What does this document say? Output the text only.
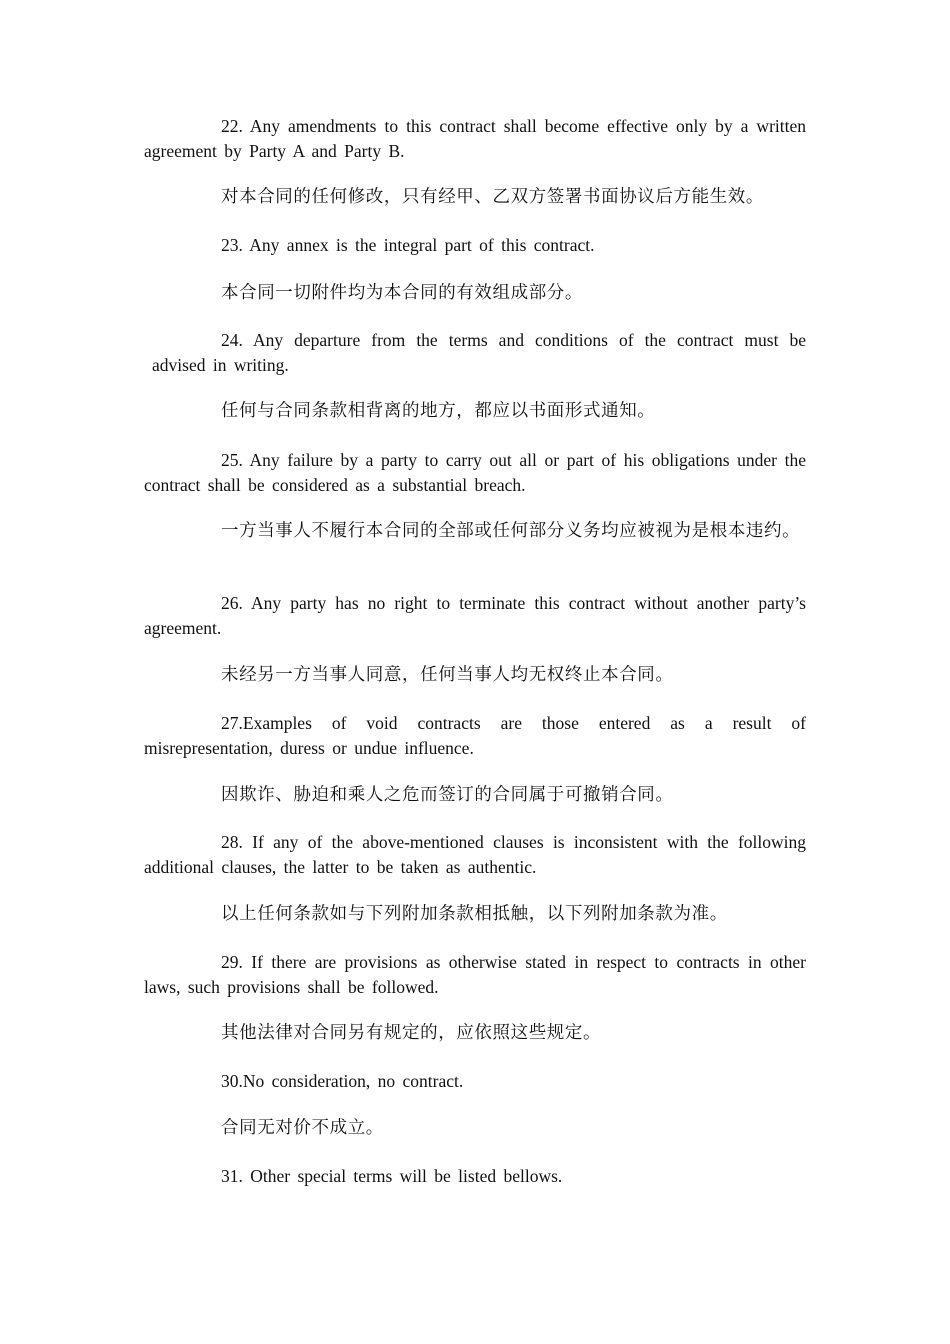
22. Any amendments to this contract shall become effective only by a written agreement by Party A and Party B.

对本合同的任何修改，只有经甲、乙双方签署书面协议后方能生效。

23. Any annex is the integral part of this contract.

本合同一切附件均为本合同的有效组成部分。

24. Any departure from the terms and conditions of the contract must be advised in writing.

任何与合同条款相背离的地方，都应以书面形式通知。

25. Any failure by a party to carry out all or part of his obligations under the contract shall be considered as a substantial breach.

一方当事人不履行本合同的全部或任何部分义务均应被视为是根本违约。

26. Any party has no right to terminate this contract without another party’s agreement.

未经另一方当事人同意，任何当事人均无权终止本合同。

27.Examples of void contracts are those entered as a result of misrepresentation, duress or undue influence.

因欺诈、胁迫和乘人之危而签订的合同属于可撤销合同。

28. If any of the above-mentioned clauses is inconsistent with the following additional clauses, the latter to be taken as authentic.

以上任何条款如与下列附加条款相抵触，以下列附加条款为准。

29. If there are provisions as otherwise stated in respect to contracts in other laws, such provisions shall be followed.

其他法律对合同另有规定的，应依照这些规定。

30.No consideration, no contract.

合同无对价不成立。

31. Other special terms will be listed bellows.
